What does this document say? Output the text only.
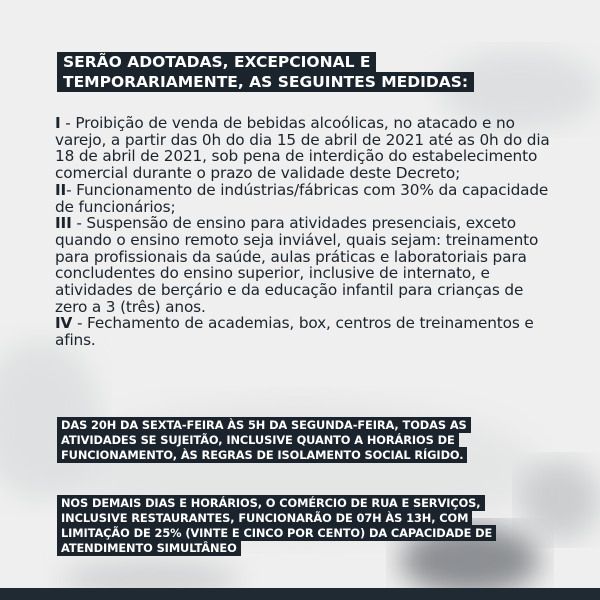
SERÃO ADOTADAS, EXCEPCIONAL E TEMPORARIAMENTE, AS SEGUINTES MEDIDAS:

I - Proibição de venda de bebidas alcoólicas, no atacado e no varejo, a partir das 0h do dia 15 de abril de 2021 até as 0h do dia 18 de abril de 2021, sob pena de interdição do estabelecimento comercial durante o prazo de validade deste Decreto;

II- Funcionamento de indústrias/fábricas com 30% da capacidade de funcionários;

III - Suspensão de ensino para atividades presenciais, exceto quando o ensino remoto seja inviável, quais sejam: treinamento para profissionais da saúde, aulas práticas e laboratoriais para concludentes do ensino superior, inclusive de internato, e atividades de berçário e da educação infantil para crianças de zero a 3 (três) anos.

IV - Fechamento de academias, box, centros de treinamentos e afins.

DAS 20H DA SEXTA-FEIRA ÀS 5H DA SEGUNDA-FEIRA, TODAS AS ATIVIDADES SE SUJEITÃO, INCLUSIVE QUANTO A HORÁRIOS DE FUNCIONAMENTO, ÀS REGRAS DE ISOLAMENTO SOCIAL RÍGIDO.
NOS DEMAIS DIAS E HORÁRIOS, O COMÉRCIO DE RUA E SERVIÇOS, INCLUSIVE RESTAURANTES, FUNCIONARÃO DE 07H ÀS 13H, COM LIMITAÇÃO DE 25% (VINTE E CINCO POR CENTO) DA CAPACIDADE DE ATENDIMENTO SIMULTÂNEO
